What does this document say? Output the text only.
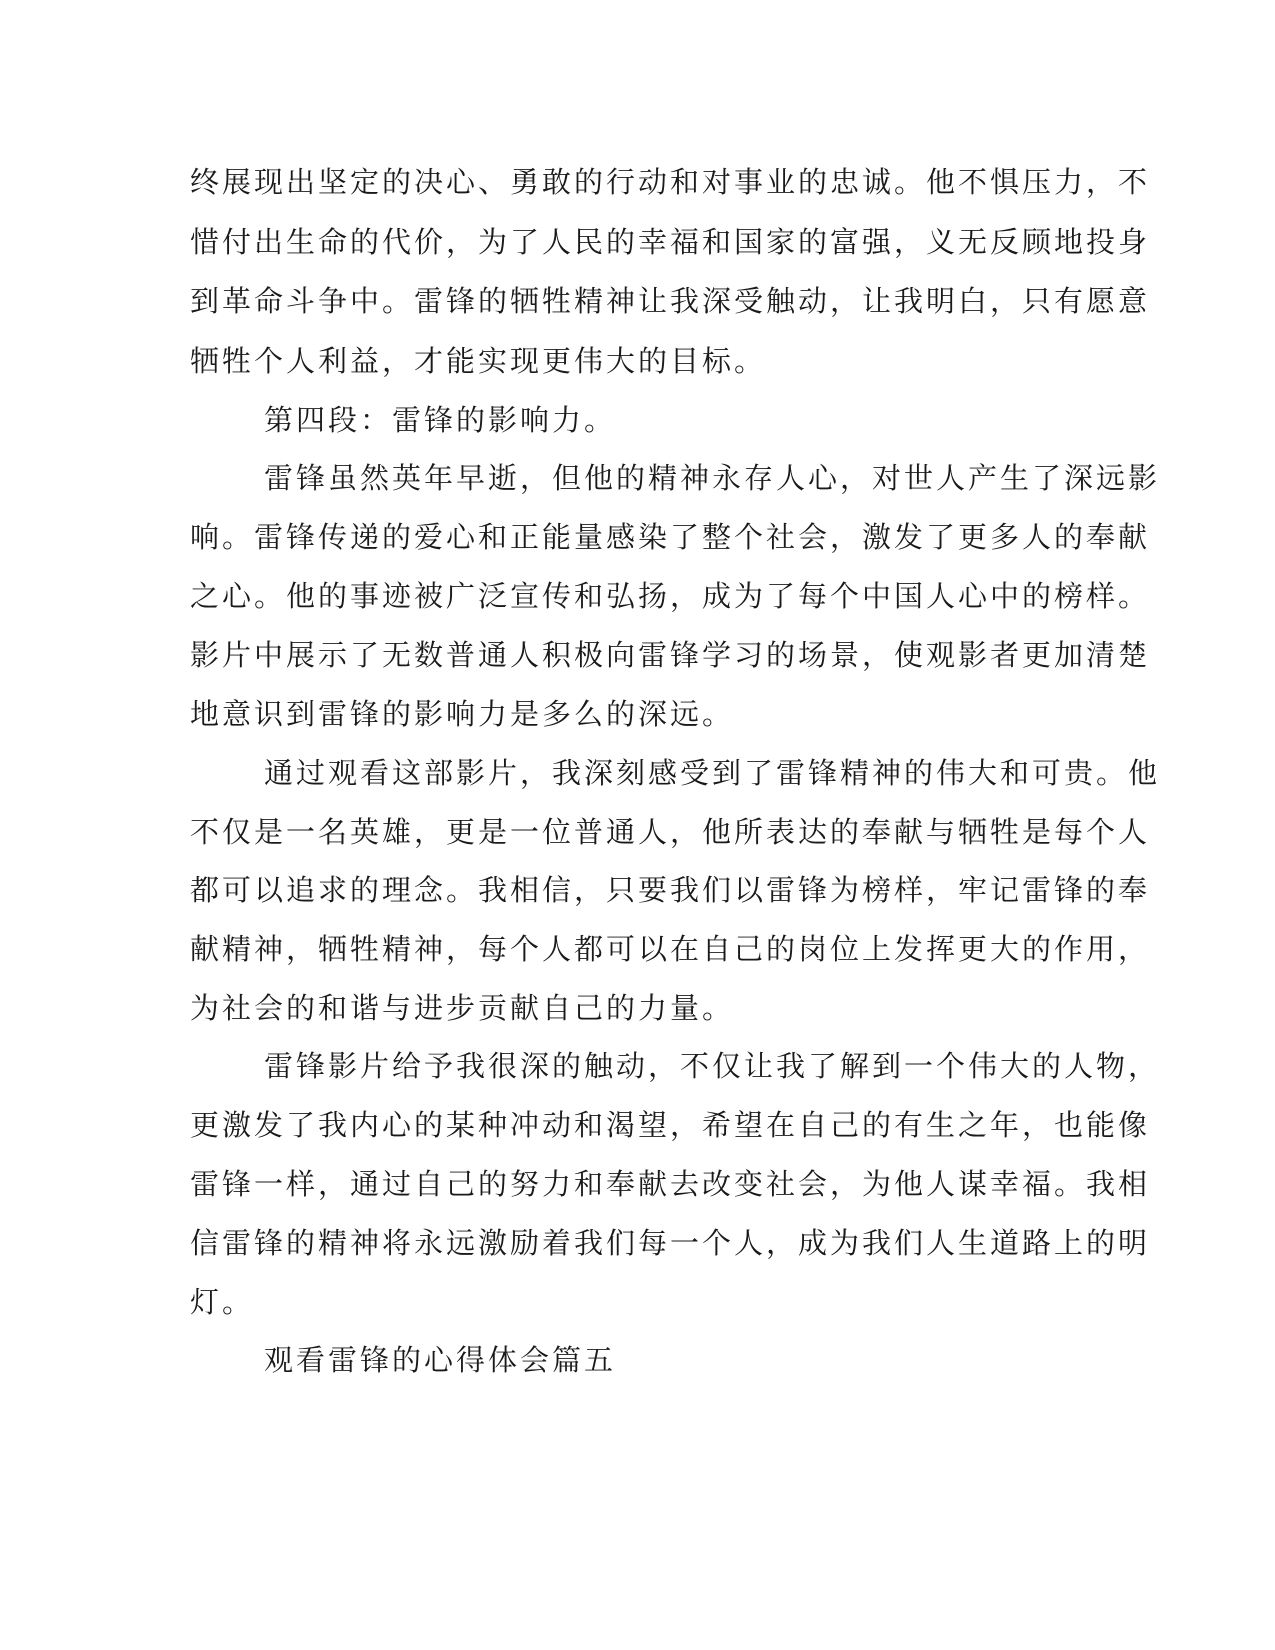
终展现出坚定的决心、勇敢的行动和对事业的忠诚。他不惧压力，不
惜付出生命的代价，为了人民的幸福和国家的富强，义无反顾地投身
到革命斗争中。雷锋的牺牲精神让我深受触动，让我明白，只有愿意
牺牲个人利益，才能实现更伟大的目标。
第四段：雷锋的影响力。
雷锋虽然英年早逝，但他的精神永存人心，对世人产生了深远影
响。雷锋传递的爱心和正能量感染了整个社会，激发了更多人的奉献
之心。他的事迹被广泛宣传和弘扬，成为了每个中国人心中的榜样。
影片中展示了无数普通人积极向雷锋学习的场景，使观影者更加清楚
地意识到雷锋的影响力是多么的深远。
通过观看这部影片，我深刻感受到了雷锋精神的伟大和可贵。他
不仅是一名英雄，更是一位普通人，他所表达的奉献与牺牲是每个人
都可以追求的理念。我相信，只要我们以雷锋为榜样，牢记雷锋的奉
献精神，牺牲精神，每个人都可以在自己的岗位上发挥更大的作用，
为社会的和谐与进步贡献自己的力量。
雷锋影片给予我很深的触动，不仅让我了解到一个伟大的人物，
更激发了我内心的某种冲动和渴望，希望在自己的有生之年，也能像
雷锋一样，通过自己的努力和奉献去改变社会，为他人谋幸福。我相
信雷锋的精神将永远激励着我们每一个人，成为我们人生道路上的明
灯。
观看雷锋的心得体会篇五
